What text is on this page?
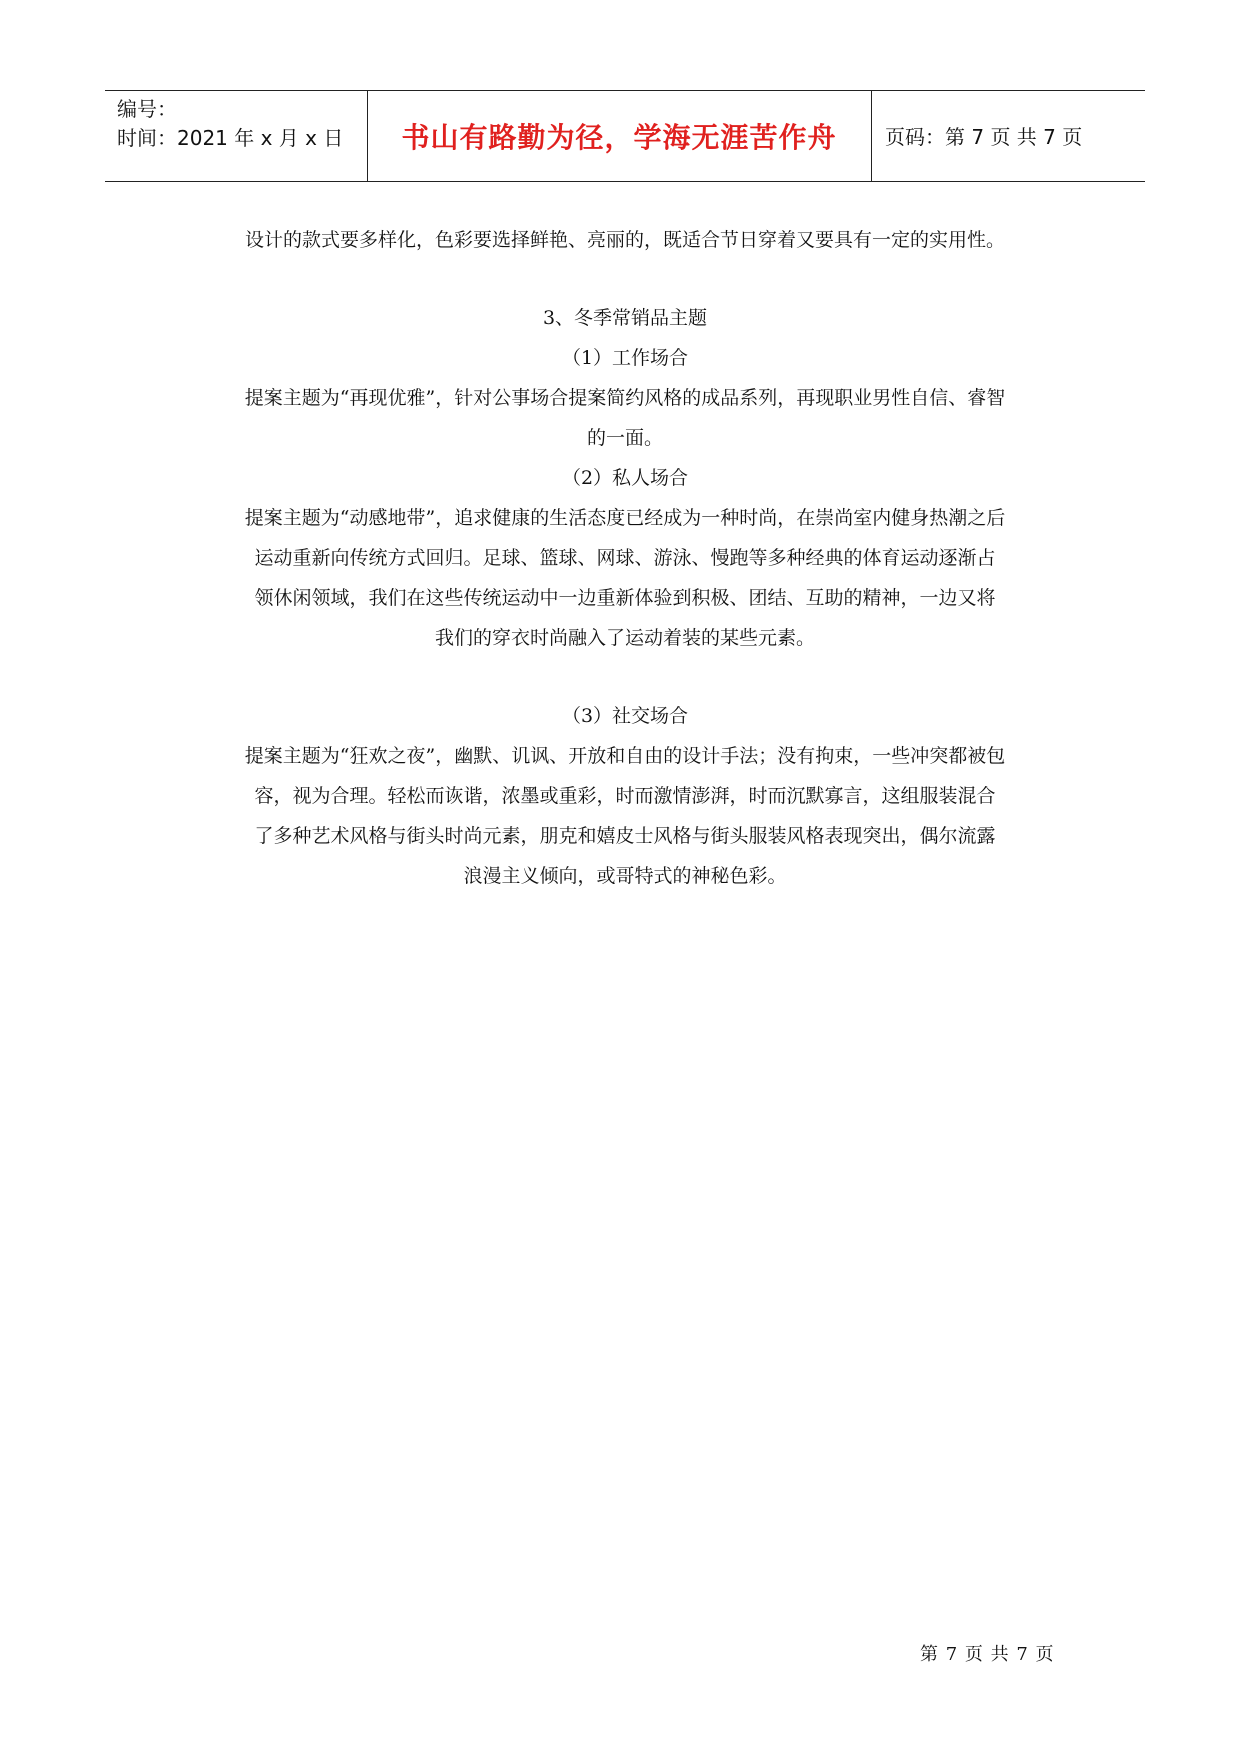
编号：
时间：2021 年 x 月 x 日	书山有路勤为径，学海无涯苦作舟	页码：第 7 页 共 7 页

设计的款式要多样化，色彩要选择鲜艳、亮丽的，既适合节日穿着又要具有一定的实用性。

3、冬季常销品主题

（1）工作场合

提案主题为“再现优雅”，针对公事场合提案简约风格的成品系列，再现职业男性自信、睿智

的一面。

（2）私人场合

提案主题为“动感地带”，追求健康的生活态度已经成为一种时尚，在崇尚室内健身热潮之后

运动重新向传统方式回归。足球、篮球、网球、游泳、慢跑等多种经典的体育运动逐渐占

领休闲领域，我们在这些传统运动中一边重新体验到积极、团结、互助的精神，一边又将

我们的穿衣时尚融入了运动着装的某些元素。

（3）社交场合

提案主题为“狂欢之夜”，幽默、讥讽、开放和自由的设计手法；没有拘束，一些冲突都被包

容，视为合理。轻松而诙谐，浓墨或重彩，时而激情澎湃，时而沉默寡言，这组服装混合

了多种艺术风格与街头时尚元素，朋克和嬉皮士风格与街头服装风格表现突出，偶尔流露

浪漫主义倾向，或哥特式的神秘色彩。

第 7 页 共 7 页
